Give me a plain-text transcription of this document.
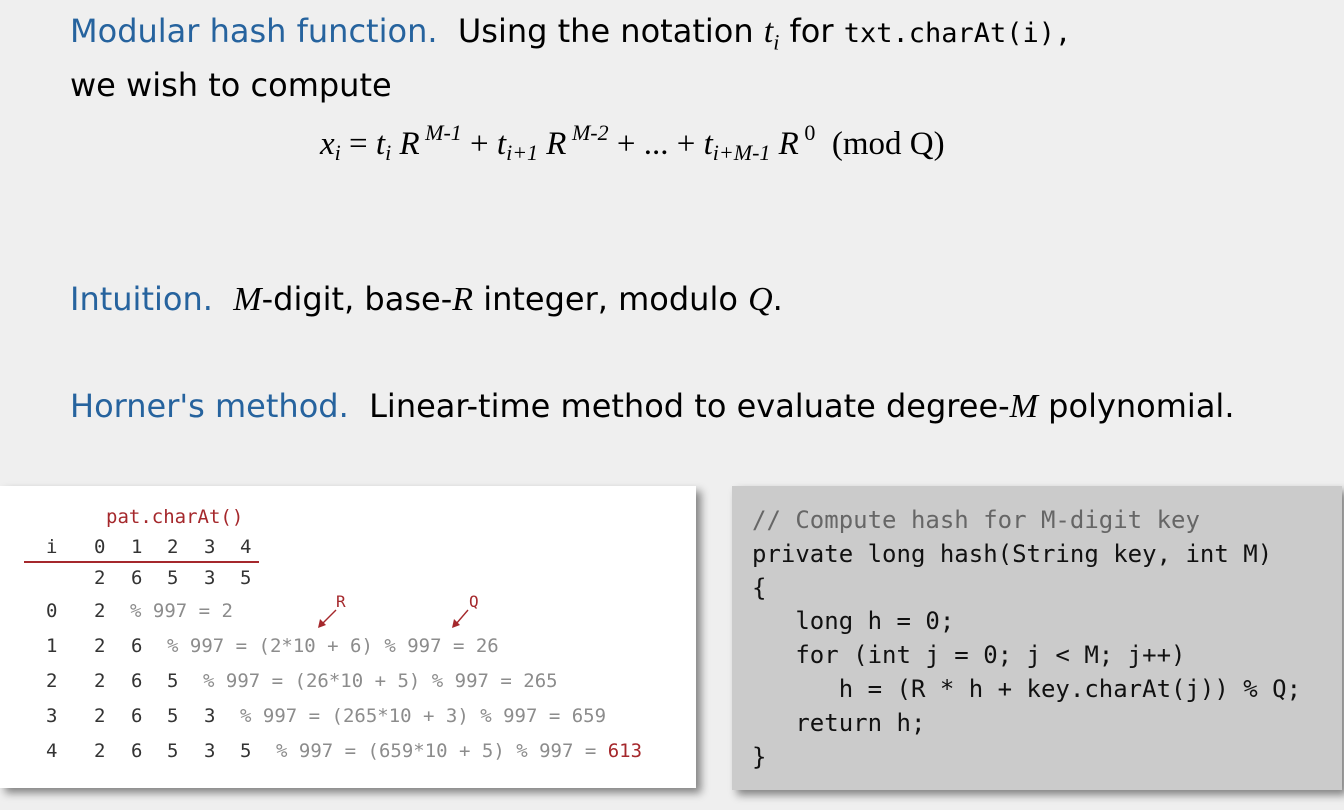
Modular hash function. Using the notation $t_i$ for txt.charAt(i),
we wish to compute
$x_i = t_i$ R $^{M-1} + t_{i+1}$ R $^{M-2}$ + ... + $t_{i+M-1}$ R $^0$ (mod Q)
Intuition. M-digit, base-R integer, modulo Q.
Horner's method. Linear-time method to evaluate degree-M polynomial.
pat.charAt()
i 0 1 2 3 4
2 6 5 3 5
R	Q
0 2 % 997 = 2
1 2 6 % 997 = (2*10 + 6) % 997 = 26
2 2 6 5 % 997 = (26*10 + 5) % 997 = 265
3 2 6 5 3 % 997 = (265*10 + 3) % 997 = 659
4 2 6 5 3 5 % 997 = (659*10 + 5) % 997 = 613
// Compute hash for M-digit key
private long hash(String key, int M)
{
long h = 0;
for (int j = 0; j < M; j++)
h = (R * h + key.charAt(j)) % Q;
return h;
}
